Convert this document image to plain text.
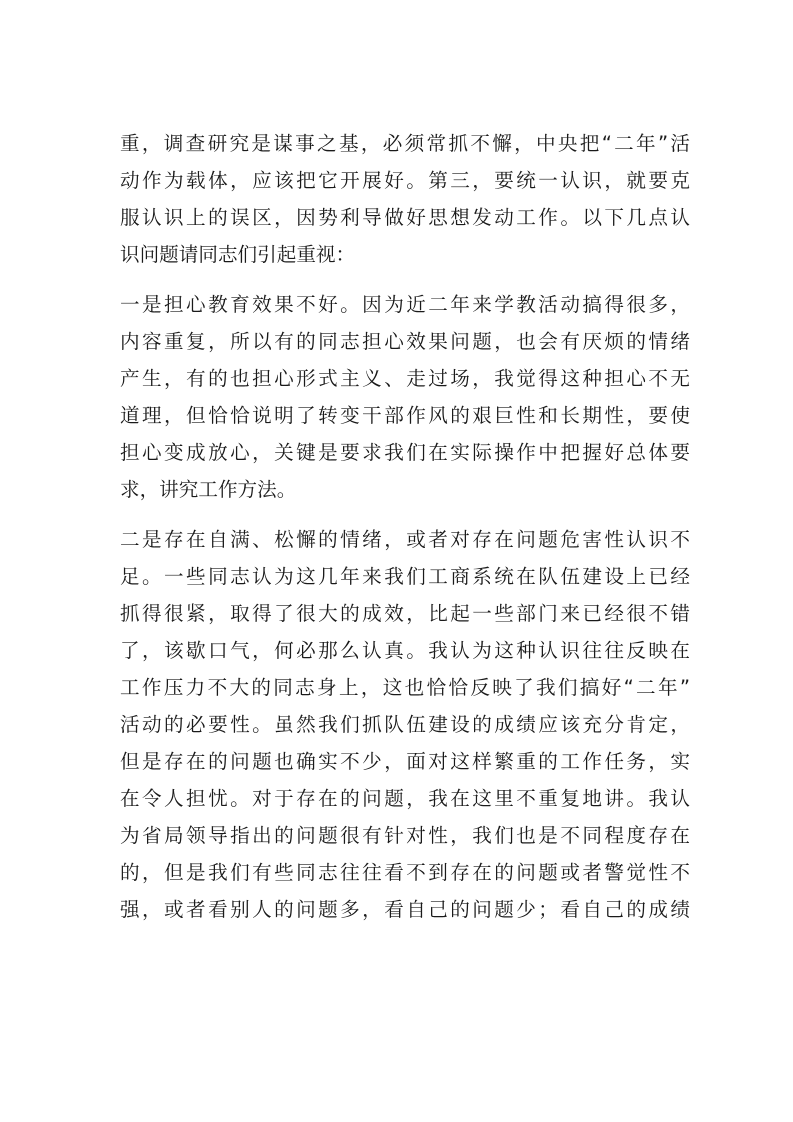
重，调查研究是谋事之基，必须常抓不懈，中央把“二年”活
动作为载体，应该把它开展好。第三，要统一认识，就要克
服认识上的误区，因势利导做好思想发动工作。以下几点认
识问题请同志们引起重视：
一是担心教育效果不好。因为近二年来学教活动搞得很多，
内容重复，所以有的同志担心效果问题，也会有厌烦的情绪
产生，有的也担心形式主义、走过场，我觉得这种担心不无
道理，但恰恰说明了转变干部作风的艰巨性和长期性，要使
担心变成放心，关键是要求我们在实际操作中把握好总体要
求，讲究工作方法。
二是存在自满、松懈的情绪，或者对存在问题危害性认识不
足。一些同志认为这几年来我们工商系统在队伍建设上已经
抓得很紧，取得了很大的成效，比起一些部门来已经很不错
了，该歇口气，何必那么认真。我认为这种认识往往反映在
工作压力不大的同志身上，这也恰恰反映了我们搞好“二年”
活动的必要性。虽然我们抓队伍建设的成绩应该充分肯定，
但是存在的问题也确实不少，面对这样繁重的工作任务，实
在令人担忧。对于存在的问题，我在这里不重复地讲。我认
为省局领导指出的问题很有针对性，我们也是不同程度存在
的，但是我们有些同志往往看不到存在的问题或者警觉性不
强，或者看别人的问题多，看自己的问题少；看自己的成绩
